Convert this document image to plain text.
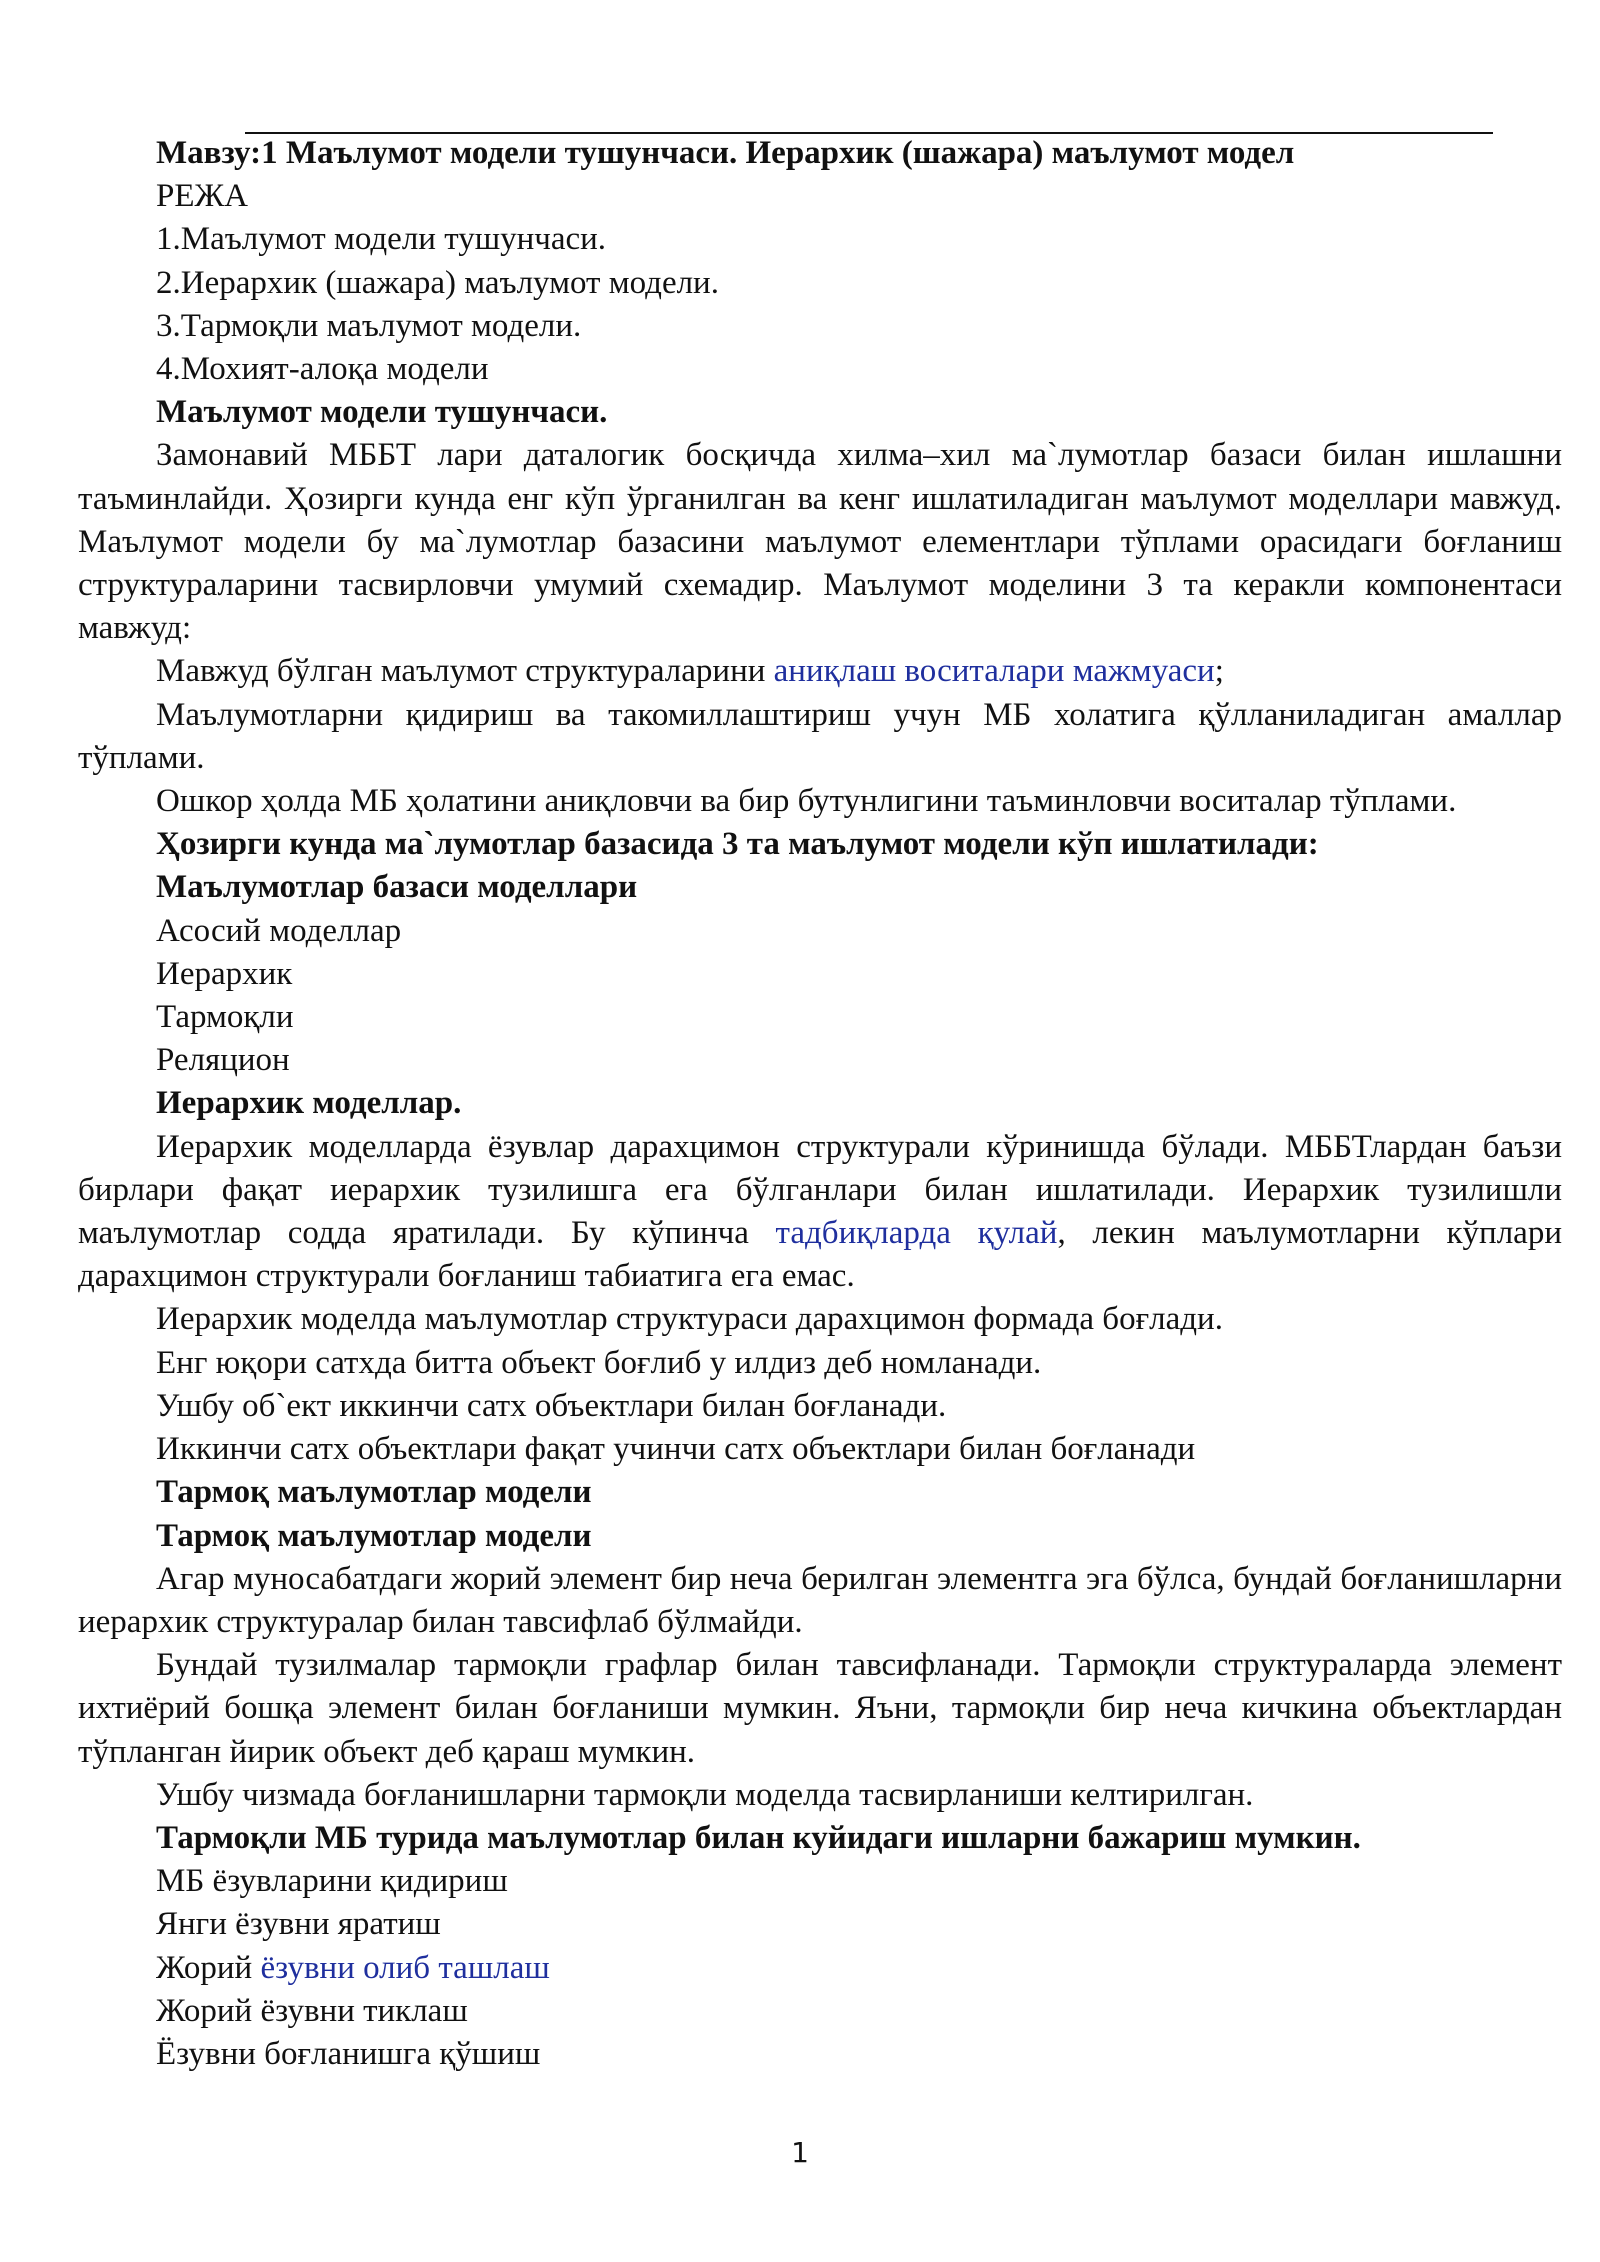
Мавзу:1 Маълумот модели тушунчаси. Иерархик (шажара) маълумот модел

РЕЖА

1.Маълумот модели тушунчаси.

2.Иерархик (шажара) маълумот модели.

3.Тармоқли маълумот модели.

4.Мохият-алоқа модели

Маълумот модели тушунчаси.

Замонавий МББТ лари даталогик босқичда хилма–хил ма`лумотлар базаси билан ишлашни таъминлайди. Ҳозирги кунда енг кўп ўрганилган ва кенг ишлатиладиган маълумот моделлари мавжуд. Маълумот модели бу ма`лумотлар базасини маълумот елементлари тўплами орасидаги боғланиш структураларини тасвирловчи умумий схемадир. Маълумот моделини 3 та керакли компонентаси мавжуд:

Мавжуд бўлган маълумот структураларини аниқлаш воситалари мажмуаси;

Маълумотларни қидириш ва такомиллаштириш учун МБ холатига қўлланиладиган амаллар тўплами.

Ошкор ҳолда МБ ҳолатини аниқловчи ва бир бутунлигини таъминловчи воситалар тўплами.

Ҳозирги кунда ма`лумотлар базасида 3 та маълумот модели кўп ишлатилади:

Маълумотлар базаси моделлари

Асосий моделлар

Иерархик

Тармоқли

Реляцион

Иерархик моделлар.

Иерархик моделларда ёзувлар дарахцимон структурали кўринишда бўлади. МББТлардан баъзи бирлари фақат иерархик тузилишга ега бўлганлари билан ишлатилади. Иерархик тузилишли маълумотлар содда яратилади. Бу кўпинча тадбиқларда қулай, лекин маълумотларни кўплари дарахцимон структурали боғланиш табиатига ега емас.

Иерархик моделда маълумотлар структураси дарахцимон формада боғлади.

Енг юқори сатхда битта объект боғлиб у илдиз деб номланади.

Ушбу об`ект иккинчи сатх объектлари билан боғланади.

Иккинчи сатх объектлари фақат учинчи сатх объектлари билан боғланади

Тармоқ маълумотлар модели

Тармоқ маълумотлар модели

Агар муносабатдаги жорий элемент бир неча берилган элементга эга бўлса, бундай боғланишларни иерархик структуралар билан тавсифлаб бўлмайди.

Бундай тузилмалар тармоқли графлар билан тавсифланади. Тармоқли структураларда элемент ихтиёрий бошқа элемент билан боғланиши мумкин. Яъни, тармоқли бир неча кичкина объектлардан тўпланган йирик объект деб қараш мумкин.

Ушбу чизмада боғланишларни тармоқли моделда тасвирланиши келтирилган.

Тармоқли МБ турида маълумотлар билан куйидаги ишларни бажариш мумкин.

МБ ёзувларини қидириш

Янги ёзувни яратиш

Жорий ёзувни олиб ташлаш

Жорий ёзувни тиклаш

Ёзувни боғланишга қўшиш

1
